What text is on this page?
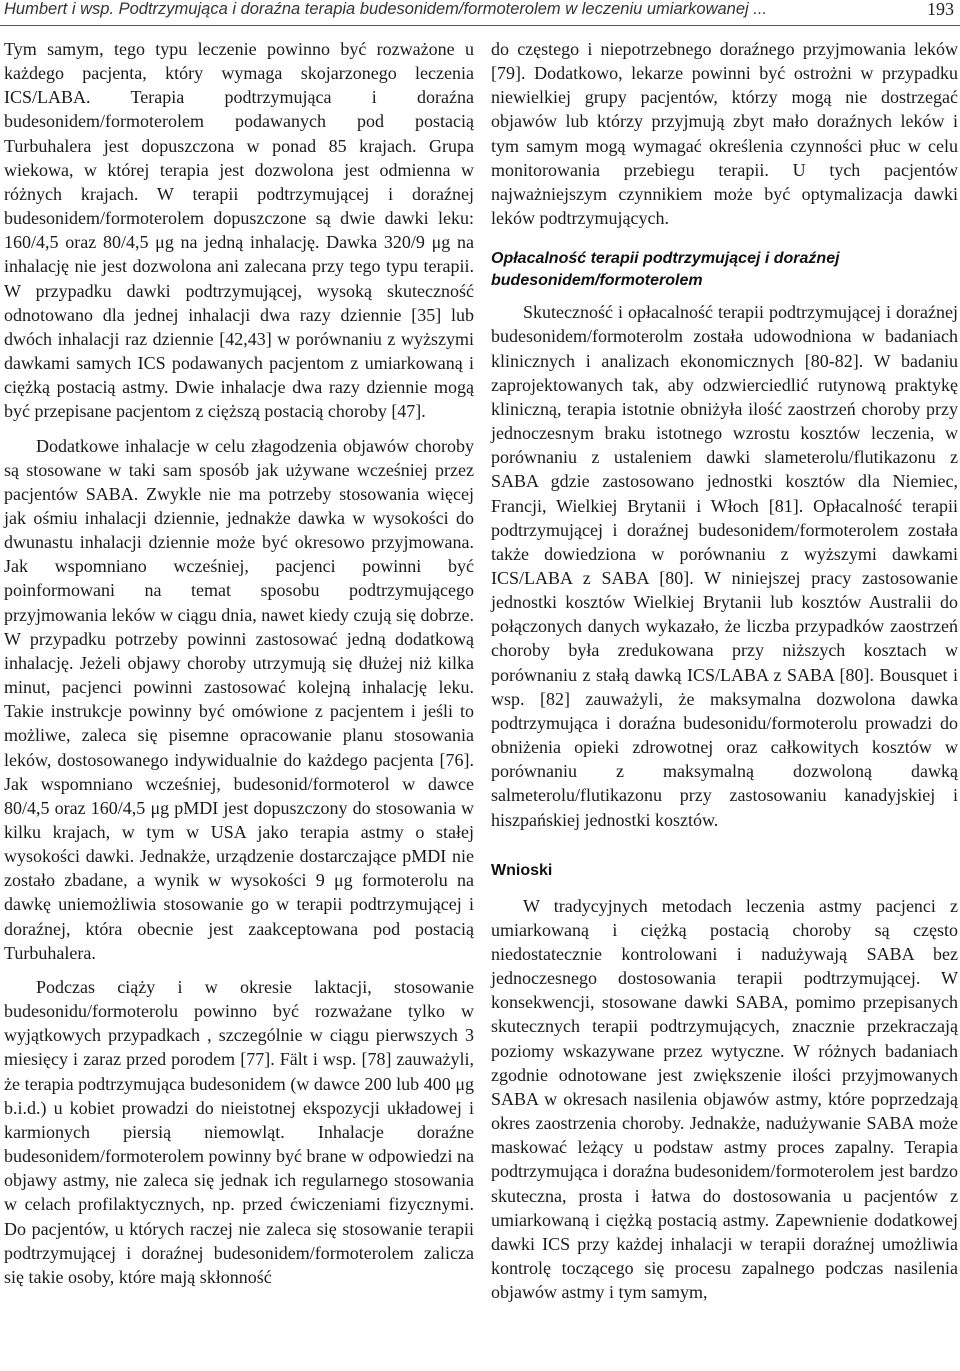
Humbert i wsp. Podtrzymująca i doraźna terapia budesonidem/formoterolem w leczeniu umiarkowanej ...	193

Tym samym, tego typu leczenie powinno być rozważone u każdego pacjenta, który wymaga skojarzonego leczenia ICS/LABA. Terapia podtrzymująca i doraźna budesonidem/formoterolem podawanych pod postacią Turbuhalera jest dopuszczona w ponad 85 krajach. Grupa wiekowa, w której terapia jest dozwolona jest odmienna w różnych krajach. W terapii podtrzymującej i doraźnej budesonidem/formoterolem dopuszczone są dwie dawki leku: 160/4,5 oraz 80/4,5 μg na jedną inhalację. Dawka 320/9 μg na inhalację nie jest dozwolona ani zalecana przy tego typu terapii. W przypadku dawki podtrzymującej, wysoką skuteczność odnotowano dla jednej inhalacji dwa razy dziennie [35] lub dwóch inhalacji raz dziennie [42,43] w porównaniu z wyższymi dawkami samych ICS podawanych pacjentom z umiarkowaną i ciężką postacią astmy. Dwie inhalacje dwa razy dziennie mogą być przepisane pacjentom z cięższą postacią choroby [47].

Dodatkowe inhalacje w celu złagodzenia objawów choroby są stosowane w taki sam sposób jak używane wcześniej przez pacjentów SABA. Zwykle nie ma potrzeby stosowania więcej jak ośmiu inhalacji dziennie, jednakże dawka w wysokości do dwunastu inhalacji dziennie może być okresowo przyjmowana. Jak wspomniano wcześniej, pacjenci powinni być poinformowani na temat sposobu podtrzymującego przyjmowania leków w ciągu dnia, nawet kiedy czują się dobrze. W przypadku potrzeby powinni zastosować jedną dodatkową inhalację. Jeżeli objawy choroby utrzymują się dłużej niż kilka minut, pacjenci powinni zastosować kolejną inhalację leku. Takie instrukcje powinny być omówione z pacjentem i jeśli to możliwe, zaleca się pisemne opracowanie planu stosowania leków, dostosowanego indywidualnie do każdego pacjenta [76]. Jak wspomniano wcześniej, budesonid/formoterol w dawce 80/4,5 oraz 160/4,5 μg pMDI jest dopuszczony do stosowania w kilku krajach, w tym w USA jako terapia astmy o stałej wysokości dawki. Jednakże, urządzenie dostarczające pMDI nie zostało zbadane, a wynik w wysokości 9 μg formoterolu na dawkę uniemożliwia stosowanie go w terapii podtrzymującej i doraźnej, która obecnie jest zaakceptowana pod postacią Turbuhalera.

Podczas ciąży i w okresie laktacji, stosowanie budesonidu/formoterolu powinno być rozważane tylko w wyjątkowych przypadkach , szczególnie w ciągu pierwszych 3 miesięcy i zaraz przed porodem [77]. Fält i wsp. [78] zauważyli, że terapia podtrzymująca budesonidem (w dawce 200 lub 400 μg b.i.d.) u kobiet prowadzi do nieistotnej ekspozycji układowej i karmionych piersią niemowląt. Inhalacje doraźne budesonidem/formoterolem powinny być brane w odpowiedzi na objawy astmy, nie zaleca się jednak ich regularnego stosowania w celach profilaktycznych, np. przed ćwiczeniami fizycznymi. Do pacjentów, u których raczej nie zaleca się stosowanie terapii podtrzymującej i doraźnej budesonidem/formoterolem zalicza się takie osoby, które mają skłonność

do częstego i niepotrzebnego doraźnego przyjmowania leków [79]. Dodatkowo, lekarze powinni być ostrożni w przypadku niewielkiej grupy pacjentów, którzy mogą nie dostrzegać objawów lub którzy przyjmują zbyt mało doraźnych leków i tym samym mogą wymagać określenia czynności płuc w celu monitorowania przebiegu terapii. U tych pacjentów najważniejszym czynnikiem może być optymalizacja dawki leków podtrzymujących.

Opłacalność terapii podtrzymującej i doraźnej budesonidem/formoterolem

Skuteczność i opłacalność terapii podtrzymującej i doraźnej budesonidem/formoterolm została udowodniona w badaniach klinicznych i analizach ekonomicznych [80-82]. W badaniu zaprojektowanych tak, aby odzwierciedlić rutynową praktykę kliniczną, terapia istotnie obniżyła ilość zaostrzeń choroby przy jednoczesnym braku istotnego wzrostu kosztów leczenia, w porównaniu z ustaleniem dawki slameterolu/flutikazonu z SABA gdzie zastosowano jednostki kosztów dla Niemiec, Francji, Wielkiej Brytanii i Włoch [81]. Opłacalność terapii podtrzymującej i doraźnej budesonidem/formoterolem została także dowiedziona w porównaniu z wyższymi dawkami ICS/LABA z SABA [80]. W niniejszej pracy zastosowanie jednostki kosztów Wielkiej Brytanii lub kosztów Australii do połączonych danych wykazało, że liczba przypadków zaostrzeń choroby była zredukowana przy niższych kosztach w porównaniu z stałą dawką ICS/LABA z SABA [80]. Bousquet i wsp. [82] zauważyli, że maksymalna dozwolona dawka podtrzymująca i doraźna budesonidu/formoterolu prowadzi do obniżenia opieki zdrowotnej oraz całkowitych kosztów w porównaniu z maksymalną dozwoloną dawką salmeterolu/flutikazonu przy zastosowaniu kanadyjskiej i hiszpańskiej jednostki kosztów.

Wnioski

W tradycyjnych metodach leczenia astmy pacjenci z umiarkowaną i ciężką postacią choroby są często niedostatecznie kontrolowani i nadużywają SABA bez jednoczesnego dostosowania terapii podtrzymującej. W konsekwencji, stosowane dawki SABA, pomimo przepisanych skutecznych terapii podtrzymujących, znacznie przekraczają poziomy wskazywane przez wytyczne. W różnych badaniach zgodnie odnotowane jest zwiększenie ilości przyjmowanych SABA w okresach nasilenia objawów astmy, które poprzedzają okres zaostrzenia choroby. Jednakże, nadużywanie SABA może maskować leżący u podstaw astmy proces zapalny. Terapia podtrzymująca i doraźna budesonidem/formoterolem jest bardzo skuteczna, prosta i łatwa do dostosowania u pacjentów z umiarkowaną i ciężką postacią astmy. Zapewnienie dodatkowej dawki ICS przy każdej inhalacji w terapii doraźnej umożliwia kontrolę toczącego się procesu zapalnego podczas nasilenia objawów astmy i tym samym,
